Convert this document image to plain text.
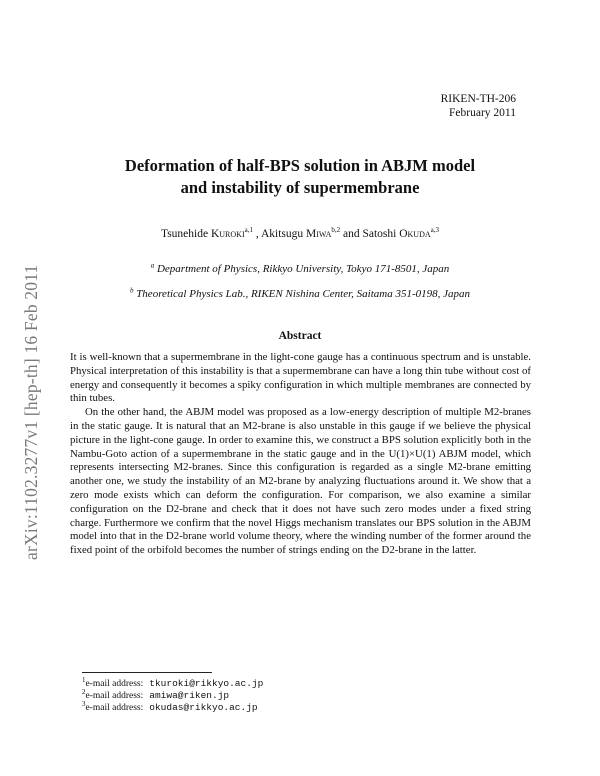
arXiv:1102.3277v1 [hep-th] 16 Feb 2011
RIKEN-TH-206
February 2011
Deformation of half-BPS solution in ABJM model
and instability of supermembrane
Tsunehide Kuroki$^{a,1}$ , Akitsugu Miwa$^{b,2}$ and Satoshi Okuda$^{a,3}$
$^a$ Department of Physics, Rikkyo University, Tokyo 171-8501, Japan
$^b$ Theoretical Physics Lab., RIKEN Nishina Center, Saitama 351-0198, Japan
Abstract

It is well-known that a supermembrane in the light-cone gauge has a continuous spectrum and is unstable. Physical interpretation of this instability is that a supermembrane can have a long thin tube without cost of energy and consequently it becomes a spiky configuration in which multiple membranes are connected by thin tubes.

On the other hand, the ABJM model was proposed as a low-energy description of multiple M2-branes in the static gauge. It is natural that an M2-brane is also unstable in this gauge if we believe the physical picture in the light-cone gauge. In order to examine this, we construct a BPS solution explicitly both in the Nambu-Goto action of a supermembrane in the static gauge and in the U(1)×U(1) ABJM model, which represents intersecting M2-branes. Since this configuration is regarded as a single M2-brane emitting another one, we study the instability of an M2-brane by analyzing fluctuations around it. We show that a zero mode exists which can deform the configuration. For comparison, we also examine a similar configuration on the D2-brane and check that it does not have such zero modes under a fixed string charge. Furthermore we confirm that the novel Higgs mechanism translates our BPS solution in the ABJM model into that in the D2-brane world volume theory, where the winding number of the former around the fixed point of the orbifold becomes the number of strings ending on the D2-brane in the latter.

$^1$e-mail address: tkuroki@rikkyo.ac.jp
$^2$e-mail address: amiwa@riken.jp
$^3$e-mail address: okudas@rikkyo.ac.jp
